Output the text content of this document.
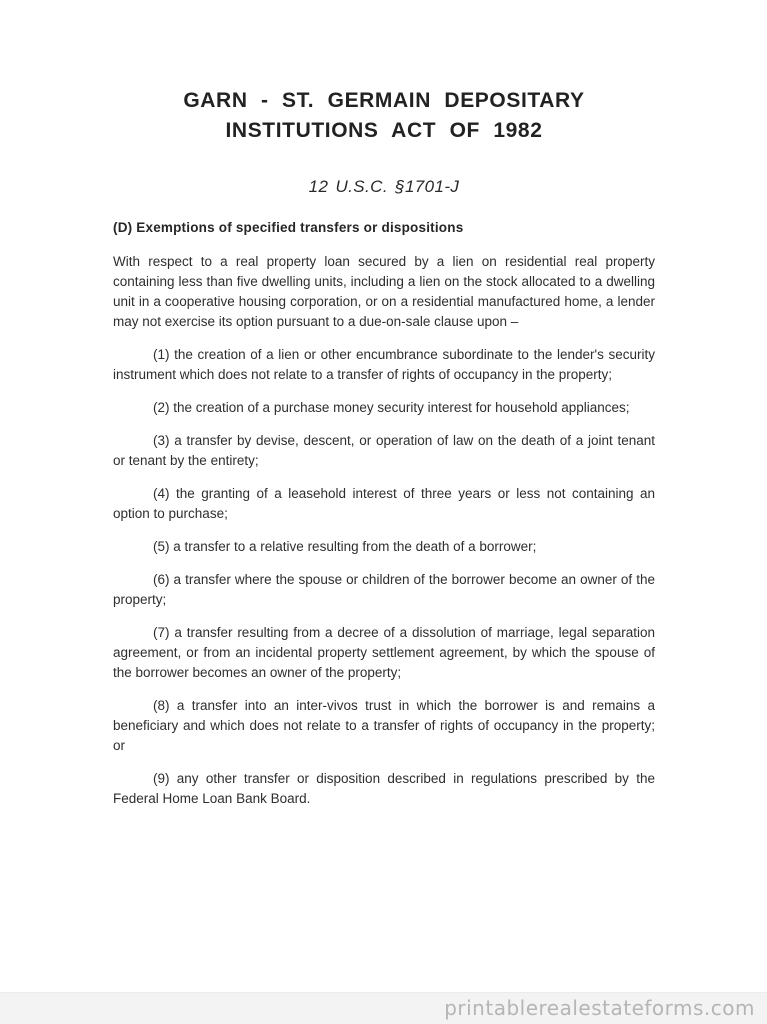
GARN - ST. GERMAIN DEPOSITARY
INSTITUTIONS ACT OF 1982
12 U.S.C. §1701-J
(D) Exemptions of specified transfers or dispositions

With respect to a real property loan secured by a lien on residential real property containing less than five dwelling units, including a lien on the stock allocated to a dwelling unit in a cooperative housing corporation, or on a residential manufactured home, a lender may not exercise its option pursuant to a due-on-sale clause upon –

(1) the creation of a lien or other encumbrance subordinate to the lender's security instrument which does not relate to a transfer of rights of occupancy in the property;

(2) the creation of a purchase money security interest for household appliances;

(3) a transfer by devise, descent, or operation of law on the death of a joint tenant or tenant by the entirety;

(4) the granting of a leasehold interest of three years or less not containing an option to purchase;

(5) a transfer to a relative resulting from the death of a borrower;

(6) a transfer where the spouse or children of the borrower become an owner of the property;

(7) a transfer resulting from a decree of a dissolution of marriage, legal separation agreement, or from an incidental property settlement agreement, by which the spouse of the borrower becomes an owner of the property;

(8) a transfer into an inter-vivos trust in which the borrower is and remains a beneficiary and which does not relate to a transfer of rights of occupancy in the property; or

(9) any other transfer or disposition described in regulations prescribed by the Federal Home Loan Bank Board.

printablerealestateforms.com
